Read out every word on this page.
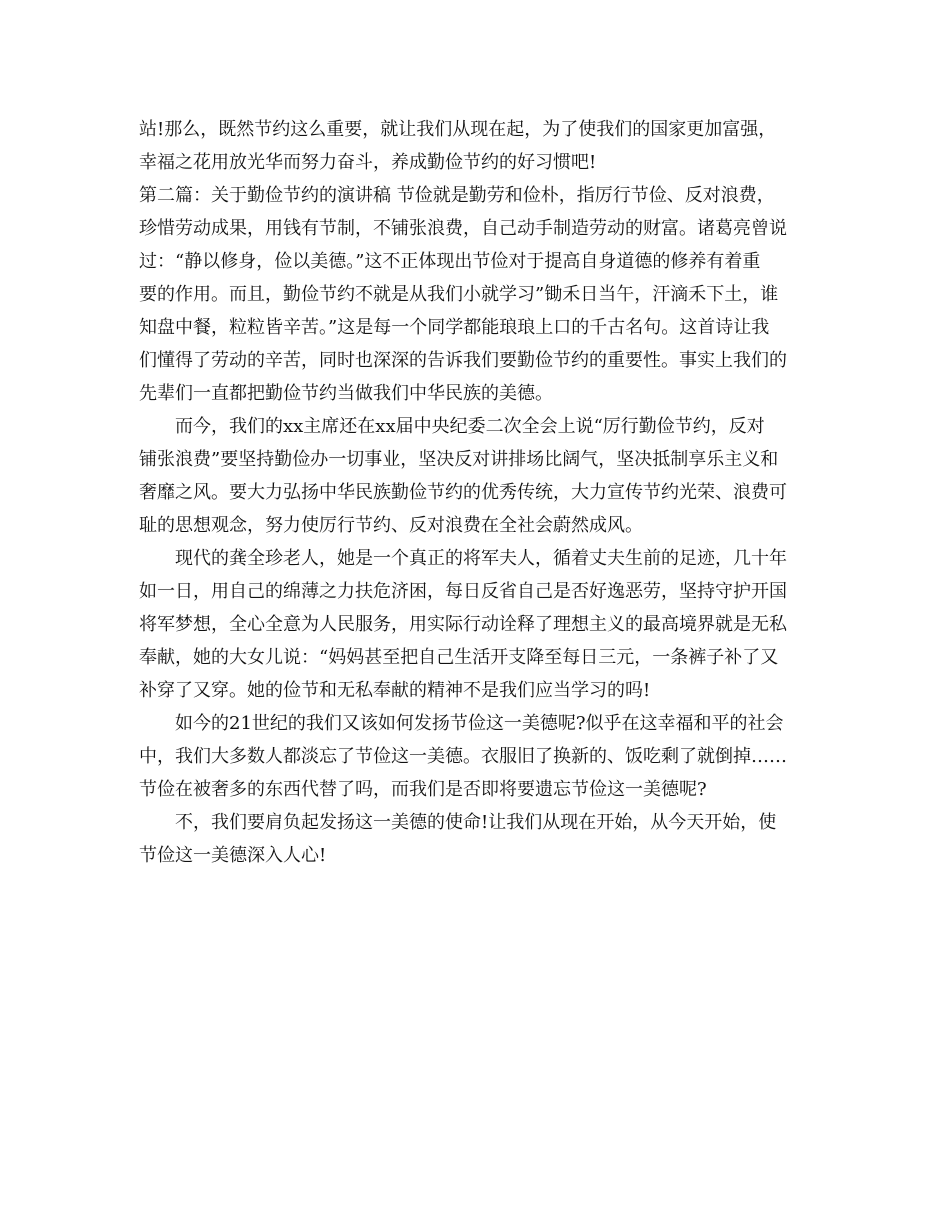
站!那么，既然节约这么重要，就让我们从现在起，为了使我们的国家更加富强，
幸福之花用放光华而努力奋斗，养成勤俭节约的好习惯吧!
第二篇：关于勤俭节约的演讲稿 节俭就是勤劳和俭朴，指厉行节俭、反对浪费，
珍惜劳动成果，用钱有节制，不铺张浪费，自己动手制造劳动的财富。诸葛亮曾说
过：“静以修身，俭以美德。”这不正体现出节俭对于提高自身道德的修养有着重
要的作用。而且，勤俭节约不就是从我们小就学习”锄禾日当午，汗滴禾下土，谁
知盘中餐，粒粒皆辛苦。”这是每一个同学都能琅琅上口的千古名句。这首诗让我
们懂得了劳动的辛苦，同时也深深的告诉我们要勤俭节约的重要性。事实上我们的
先辈们一直都把勤俭节约当做我们中华民族的美德。
而今，我们的xx主席还在xx届中央纪委二次全会上说“厉行勤俭节约，反对
铺张浪费”要坚持勤俭办一切事业，坚决反对讲排场比阔气，坚决抵制享乐主义和
奢靡之风。要大力弘扬中华民族勤俭节约的优秀传统，大力宣传节约光荣、浪费可
耻的思想观念，努力使厉行节约、反对浪费在全社会蔚然成风。
现代的龚全珍老人，她是一个真正的将军夫人，循着丈夫生前的足迹，几十年
如一日，用自己的绵薄之力扶危济困，每日反省自己是否好逸恶劳，坚持守护开国
将军梦想，全心全意为人民服务，用实际行动诠释了理想主义的最高境界就是无私
奉献，她的大女儿说：“妈妈甚至把自己生活开支降至每日三元，一条裤子补了又
补穿了又穿。她的俭节和无私奉献的精神不是我们应当学习的吗!
如今的21世纪的我们又该如何发扬节俭这一美德呢?似乎在这幸福和平的社会
中，我们大多数人都淡忘了节俭这一美德。衣服旧了换新的、饭吃剩了就倒掉……
节俭在被奢多的东西代替了吗，而我们是否即将要遗忘节俭这一美德呢?
不，我们要肩负起发扬这一美德的使命!让我们从现在开始，从今天开始，使
节俭这一美德深入人心!
